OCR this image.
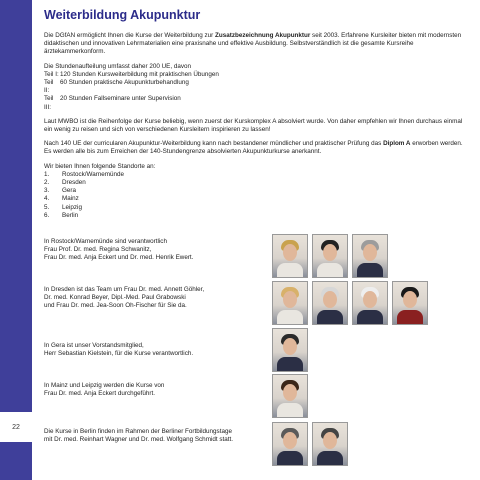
22
Weiterbildung Akupunktur

Die DGfAN ermöglicht Ihnen die Kurse der Weiterbildung zur Zusatzbezeichnung Akupunktur seit 2003. Erfahrene Kursleiter bieten mit modernsten didaktischen und innovativen Lehrmaterialien eine praxisnahe und effektive Ausbildung. Selbstverständlich ist die gesamte Kursreihe ärztekammerkonform.

Die Stundenaufteilung umfasst daher 200 UE, davon
Teil I: 120 Stunden Kursweiterbildung mit praktischen Übungen
Teil II:
60 Stunden praktische Akupunkturbehandlung
Teil III:
20 Stunden Fallseminare unter Supervision

Laut MWBO ist die Reihenfolge der Kurse beliebig, wenn zuerst der Kurskomplex A absolviert wurde. Von daher empfehlen wir Ihnen durchaus einmal ein wenig zu reisen und sich von verschiedenen Kursleitern inspirieren zu lassen!

Nach 140 UE der curricularen Akupunktur-Weiterbildung kann nach bestandener mündlicher und praktischer Prüfung das Diplom A erworben werden. Es werden alle bis zum Erreichen der 140-Stundengrenze absolvierten Akupunkturkurse anerkannt.

Wir bieten Ihnen folgende Standorte an:
1.	Rostock/Warnemünde
2.	Dresden
3.	Gera
4.	Mainz
5.	Leipzig
6.	Berlin
In Rostock/Warnemünde sind verantwortlich
Frau Prof. Dr. med. Regina Schwanitz,
Frau Dr. med. Anja Eckert und Dr. med. Henrik Ewert.
In Dresden ist das Team um Frau Dr. med. Annett Göhler,
Dr. med. Konrad Beyer, Dipl.-Med. Paul Grabowski
und Frau Dr. med. Jea-Soon Oh-Fischer für Sie da.
In Gera ist unser Vorstandsmitglied,
Herr Sebastian Kielstein, für die Kurse verantwortlich.
In Mainz und Leipzig werden die Kurse von
Frau Dr. med. Anja Eckert durchgeführt.
Die Kurse in Berlin finden im Rahmen der Berliner Fortbildungstage
mit Dr. med. Reinhart Wagner und Dr. med. Wolfgang Schmidt statt.
